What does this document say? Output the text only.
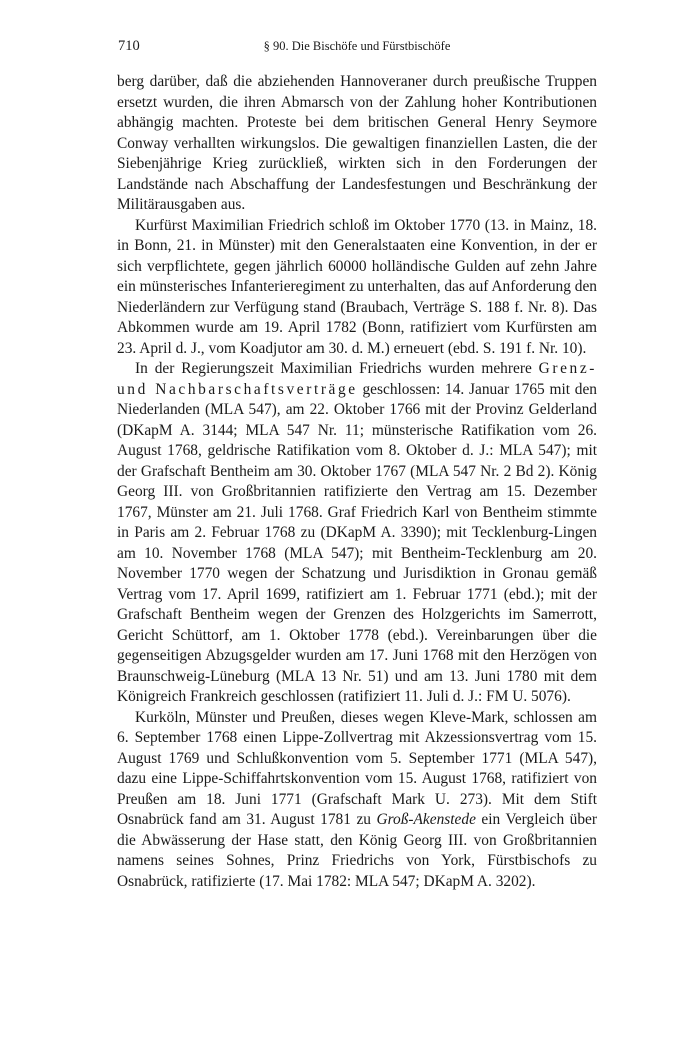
710	§ 90. Die Bischöfe und Fürstbischöfe

berg darüber, daß die abziehenden Hannoveraner durch preußische Truppen ersetzt wurden, die ihren Abmarsch von der Zahlung hoher Kontributionen abhängig machten. Proteste bei dem britischen General Henry Seymore Conway verhallten wirkungslos. Die gewaltigen finanziellen Lasten, die der Siebenjährige Krieg zurückließ, wirkten sich in den Forderungen der Landstände nach Abschaffung der Landesfestungen und Beschränkung der Militärausgaben aus.

Kurfürst Maximilian Friedrich schloß im Oktober 1770 (13. in Mainz, 18. in Bonn, 21. in Münster) mit den Generalstaaten eine Konvention, in der er sich verpflichtete, gegen jährlich 60000 holländische Gulden auf zehn Jahre ein münsterisches Infanterieregiment zu unterhalten, das auf Anforderung den Niederländern zur Verfügung stand (Braubach, Verträge S. 188 f. Nr. 8). Das Abkommen wurde am 19. April 1782 (Bonn, ratifiziert vom Kurfürsten am 23. April d. J., vom Koadjutor am 30. d. M.) erneuert (ebd. S. 191 f. Nr. 10).

In der Regierungszeit Maximilian Friedrichs wurden mehrere Grenz- und Nachbarschaftsverträge geschlossen: 14. Januar 1765 mit den Niederlanden (MLA 547), am 22. Oktober 1766 mit der Provinz Gelderland (DKapM A. 3144; MLA 547 Nr. 11; münsterische Ratifikation vom 26. August 1768, geldrische Ratifikation vom 8. Oktober d. J.: MLA 547); mit der Grafschaft Bentheim am 30. Oktober 1767 (MLA 547 Nr. 2 Bd 2). König Georg III. von Großbritannien ratifizierte den Vertrag am 15. Dezember 1767, Münster am 21. Juli 1768. Graf Friedrich Karl von Bentheim stimmte in Paris am 2. Februar 1768 zu (DKapM A. 3390); mit Tecklenburg-Lingen am 10. November 1768 (MLA 547); mit Bentheim-Tecklenburg am 20. November 1770 wegen der Schatzung und Jurisdiktion in Gronau gemäß Vertrag vom 17. April 1699, ratifiziert am 1. Februar 1771 (ebd.); mit der Grafschaft Bentheim wegen der Grenzen des Holzgerichts im Samerrott, Gericht Schüttorf, am 1. Oktober 1778 (ebd.). Vereinbarungen über die gegenseitigen Abzugsgelder wurden am 17. Juni 1768 mit den Herzögen von Braunschweig-Lüneburg (MLA 13 Nr. 51) und am 13. Juni 1780 mit dem Königreich Frankreich geschlossen (ratifiziert 11. Juli d. J.: FM U. 5076).

Kurköln, Münster und Preußen, dieses wegen Kleve-Mark, schlossen am 6. September 1768 einen Lippe-Zollvertrag mit Akzessionsvertrag vom 15. August 1769 und Schlußkonvention vom 5. September 1771 (MLA 547), dazu eine Lippe-Schiffahrtskonvention vom 15. August 1768, ratifiziert von Preußen am 18. Juni 1771 (Grafschaft Mark U. 273). Mit dem Stift Osnabrück fand am 31. August 1781 zu Groß-Akenstede ein Vergleich über die Abwässerung der Hase statt, den König Georg III. von Großbritannien namens seines Sohnes, Prinz Friedrichs von York, Fürstbischofs zu Osnabrück, ratifizierte (17. Mai 1782: MLA 547; DKapM A. 3202).
